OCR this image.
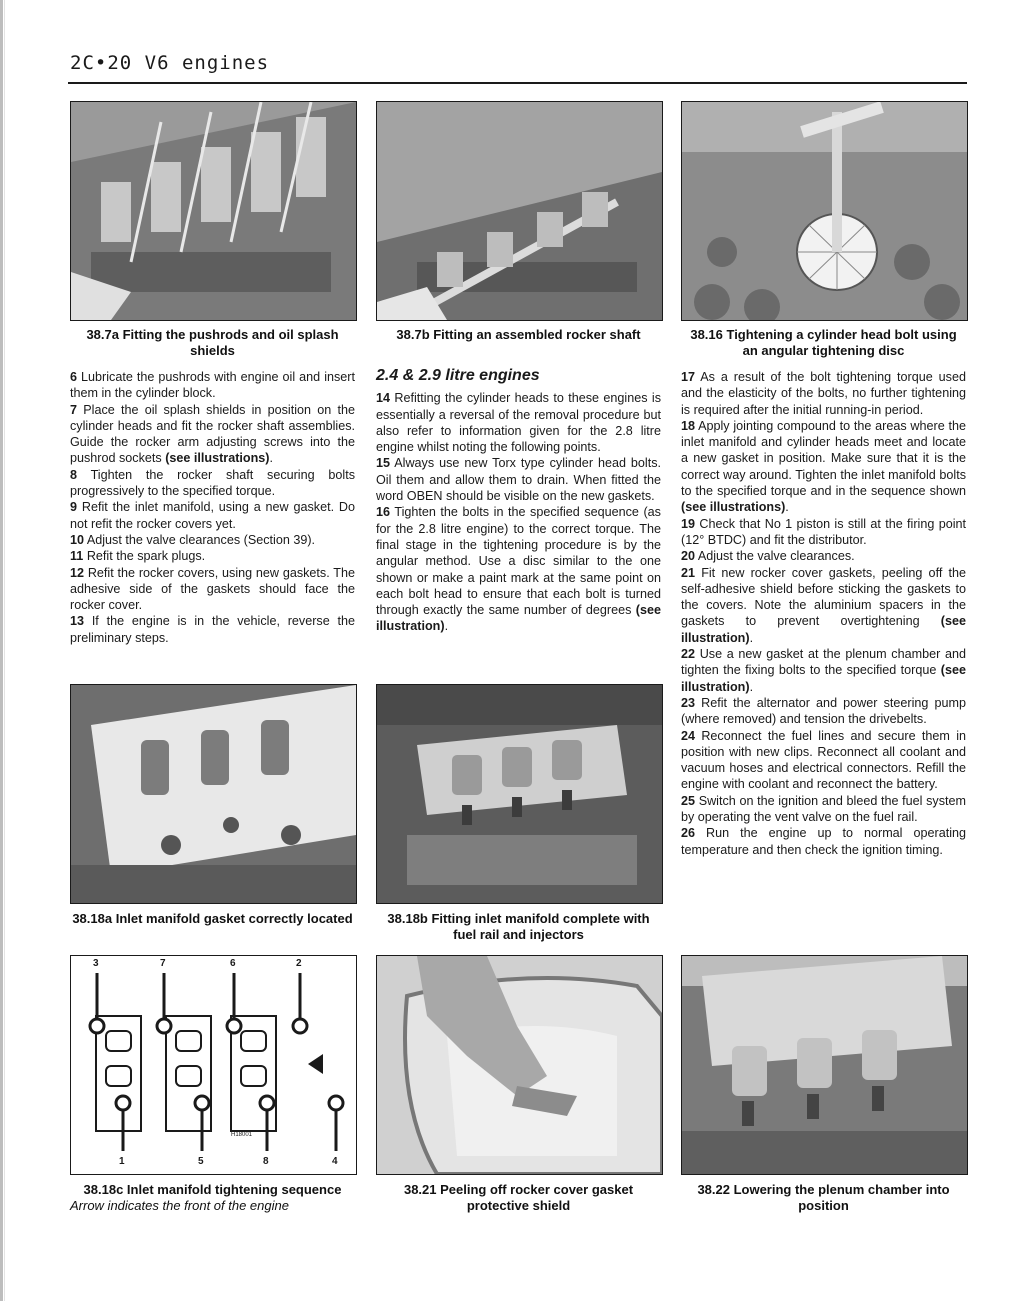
2C•20 V6 engines
38.7a Fitting the pushrods and oil splash shields
38.7b Fitting an assembled rocker shaft	38.16 Tightening a cylinder head bolt using an angular tightening disc

6 Lubricate the pushrods with engine oil and insert them in the cylinder block.

7 Place the oil splash shields in position on the cylinder heads and fit the rocker shaft assemblies. Guide the rocker arm adjusting screws into the pushrod sockets (see illustrations).

8 Tighten the rocker shaft securing bolts progressively to the specified torque.

9 Refit the inlet manifold, using a new gasket. Do not refit the rocker covers yet.

10 Adjust the valve clearances (Section 39).

11 Refit the spark plugs.

12 Refit the rocker covers, using new gaskets. The adhesive side of the gaskets should face the rocker cover.

13 If the engine is in the vehicle, reverse the preliminary steps.

2.4 & 2.9 litre engines

14 Refitting the cylinder heads to these engines is essentially a reversal of the removal procedure but also refer to information given for the 2.8 litre engine whilst noting the following points.

15 Always use new Torx type cylinder head bolts. Oil them and allow them to drain. When fitted the word OBEN should be visible on the new gaskets.

16 Tighten the bolts in the specified sequence (as for the 2.8 litre engine) to the correct torque. The final stage in the tightening procedure is by the angular method. Use a disc similar to the one shown or make a paint mark at the same point on each bolt head to ensure that each bolt is turned through exactly the same number of degrees (see illustration).

17 As a result of the bolt tightening torque used and the elasticity of the bolts, no further tightening is required after the initial running-in period.

18 Apply jointing compound to the areas where the inlet manifold and cylinder heads meet and locate a new gasket in position. Make sure that it is the correct way around. Tighten the inlet manifold bolts to the specified torque and in the sequence shown (see illustrations).

19 Check that No 1 piston is still at the firing point (12° BTDC) and fit the distributor.

20 Adjust the valve clearances.

21 Fit new rocker cover gaskets, peeling off the self-adhesive shield before sticking the gaskets to the covers. Note the aluminium spacers in the gaskets to prevent overtightening (see illustration).

22 Use a new gasket at the plenum chamber and tighten the fixing bolts to the specified torque (see illustration).

23 Refit the alternator and power steering pump (where removed) and tension the drivebelts.

24 Reconnect the fuel lines and secure them in position with new clips. Reconnect all coolant and vacuum hoses and electrical connectors. Refill the engine with coolant and reconnect the battery.

25 Switch on the ignition and bleed the fuel system by operating the vent valve on the fuel rail.

26 Run the engine up to normal operating temperature and then check the ignition timing.

38.18a Inlet manifold gasket correctly located	38.18b Fitting inlet manifold complete with fuel rail and injectors
3	7	6	2
1	5	8	4
H18001
38.18c Inlet manifold tightening sequence
Arrow indicates the front of the engine
38.21 Peeling off rocker cover gasket protective shield
38.22 Lowering the plenum chamber into position
